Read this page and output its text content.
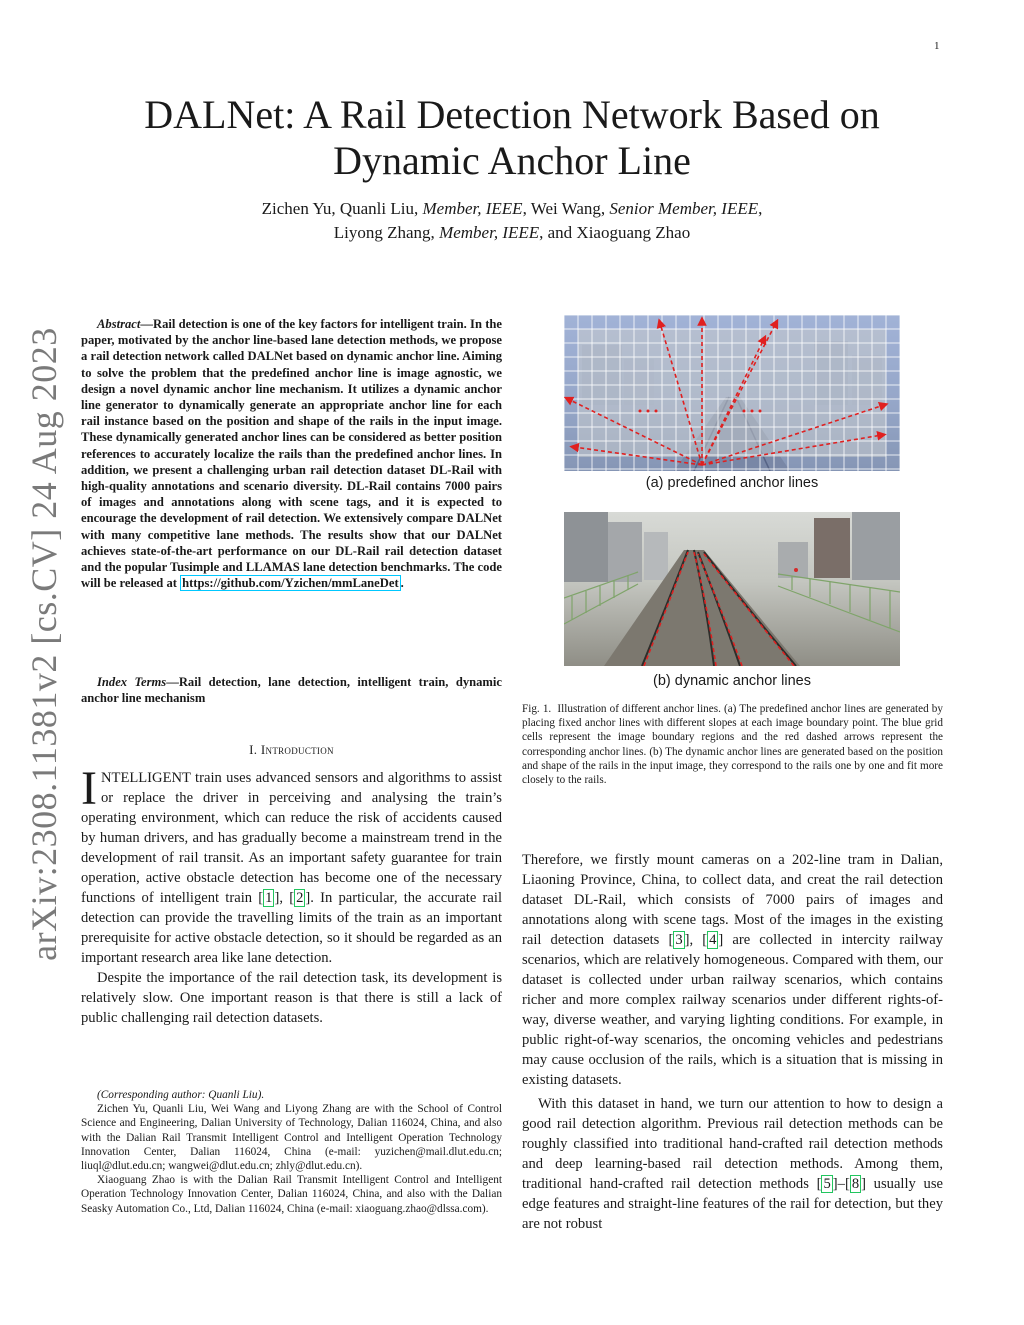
1
arXiv:2308.11381v2 [cs.CV] 24 Aug 2023
DALNet: A Rail Detection Network Based on Dynamic Anchor Line
Zichen Yu, Quanli Liu, Member, IEEE, Wei Wang, Senior Member, IEEE,
Liyong Zhang, Member, IEEE, and Xiaoguang Zhao
Abstract—Rail detection is one of the key factors for intelligent train. In the paper, motivated by the anchor line-based lane detection methods, we propose a rail detection network called DALNet based on dynamic anchor line. Aiming to solve the problem that the predefined anchor line is image agnostic, we design a novel dynamic anchor line mechanism. It utilizes a dynamic anchor line generator to dynamically generate an appropriate anchor line for each rail instance based on the position and shape of the rails in the input image. These dynamically generated anchor lines can be considered as better position references to accurately localize the rails than the predefined anchor lines. In addition, we present a challenging urban rail detection dataset DL-Rail with high-quality annotations and scenario diversity. DL-Rail contains 7000 pairs of images and annotations along with scene tags, and it is expected to encourage the development of rail detection. We extensively compare DALNet with many competitive lane methods. The results show that our DALNet achieves state-of-the-art performance on our DL-Rail rail detection dataset and the popular Tusimple and LLAMAS lane detection benchmarks. The code will be released at https://github.com/Yzichen/mmLaneDet .
Index Terms—Rail detection, lane detection, intelligent train, dynamic anchor line mechanism
I. Introduction

INTELLIGENT train uses advanced sensors and algorithms to assist or replace the driver in perceiving and analysing the train’s operating environment, which can reduce the risk of accidents caused by human drivers, and has gradually become a mainstream trend in the development of rail transit. As an important safety guarantee for train operation, active obstacle detection has become one of the necessary functions of intelligent train [ 1 ], [ 2 ]. In particular, the accurate rail detection can provide the travelling limits of the train as an important prerequisite for active obstacle detection, so it should be regarded as an important research area like lane detection.

Despite the importance of the rail detection task, its development is relatively slow. One important reason is that there is still a lack of public challenging rail detection datasets.

(Corresponding author: Quanli Liu).

Zichen Yu, Quanli Liu, Wei Wang and Liyong Zhang are with the School of Control Science and Engineering, Dalian University of Technology, Dalian 116024, China, and also with the Dalian Rail Transmit Intelligent Control and Intelligent Operation Technology Innovation Center, Dalian 116024, China (e-mail: yuzichen@mail.dlut.edu.cn; liuql@dlut.edu.cn; wangwei@dlut.edu.cn; zhly@dlut.edu.cn).

Xiaoguang Zhao is with the Dalian Rail Transmit Intelligent Control and Intelligent Operation Technology Innovation Center, Dalian 116024, China, and also with the Dalian Seasky Automation Co., Ltd, Dalian 116024, China (e-mail: xiaoguang.zhao@dlssa.com).

(a) predefined anchor lines
(b) dynamic anchor lines
Fig. 1. Illustration of different anchor lines. (a) The predefined anchor lines are generated by placing fixed anchor lines with different slopes at each image boundary point. The blue grid cells represent the image boundary regions and the red dashed arrows represent the corresponding anchor lines. (b) The dynamic anchor lines are generated based on the position and shape of the rails in the input image, they correspond to the rails one by one and fit more closely to the rails.

Therefore, we firstly mount cameras on a 202-line tram in Dalian, Liaoning Province, China, to collect data, and creat the rail detection dataset DL-Rail, which consists of 7000 pairs of images and annotations along with scene tags. Most of the images in the existing rail detection datasets [ 3 ], [ 4 ] are collected in intercity railway scenarios, which are relatively homogeneous. Compared with them, our dataset is collected under urban railway scenarios, which contains richer and more complex railway scenarios under different rights-of-way, diverse weather, and varying lighting conditions. For example, in public right-of-way scenarios, the oncoming vehicles and pedestrians may cause occlusion of the rails, which is a situation that is missing in existing datasets.

With this dataset in hand, we turn our attention to how to design a good rail detection algorithm. Previous rail detection methods can be roughly classified into traditional hand-crafted rail detection methods and deep learning-based rail detection methods. Among them, traditional hand-crafted rail detection methods [ 5 ]–[ 8 ] usually use edge features and straight-line features of the rail for detection, but they are not robust
